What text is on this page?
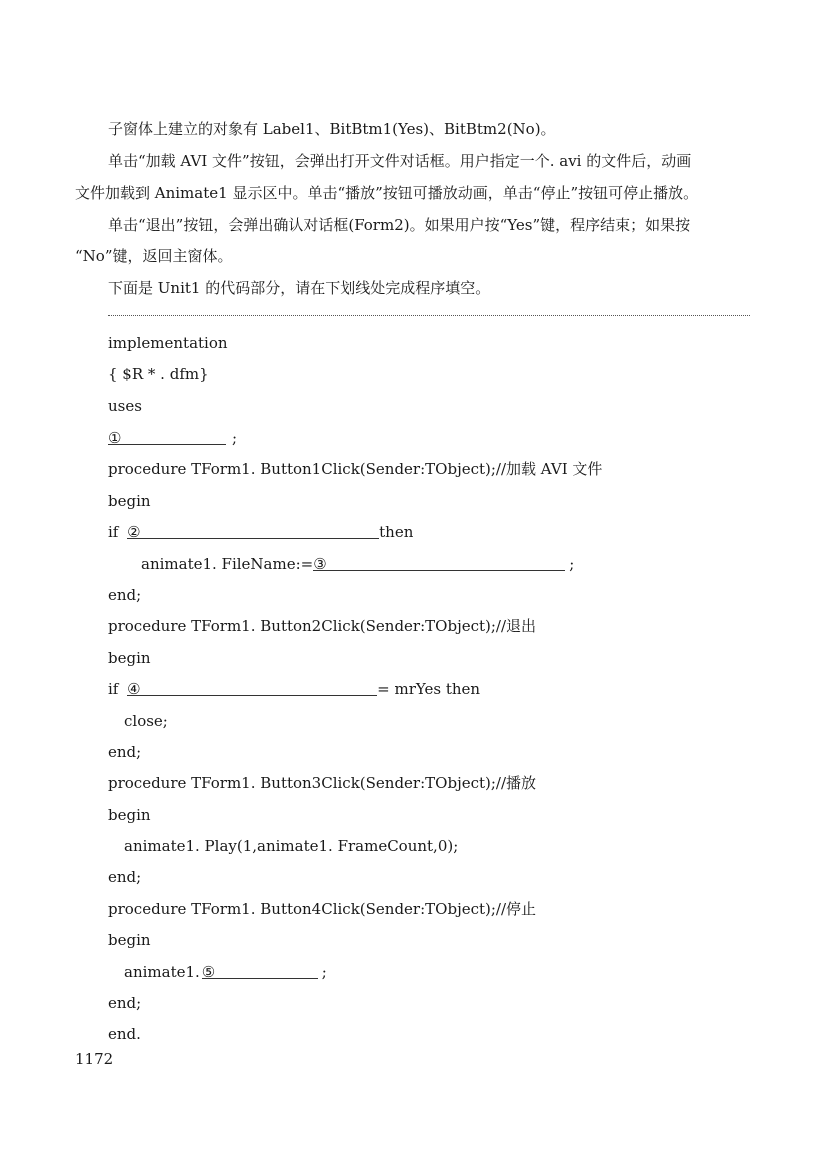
子窗体上建立的对象有 Label1、BitBtm1(Yes)、BitBtm2(No)。
单击“加载 AVI 文件”按钮，会弹出打开文件对话框。用户指定一个. avi 的文件后，动画
文件加载到 Animate1 显示区中。单击“播放”按钮可播放动画，单击“停止”按钮可停止播放。
单击“退出”按钮，会弹出确认对话框(Form2)。如果用户按“Yes”键，程序结束；如果按
“No”键，返回主窗体。
下面是 Unit1 的代码部分，请在下划线处完成程序填空。
implementation
{ $R * . dfm}
uses
①	;
procedure TForm1. Button1Click(Sender:TObject);//加载 AVI 文件
begin
if ②	then
animate1. FileName:=③	;
end;
procedure TForm1. Button2Click(Sender:TObject);//退出
begin
if ④	= mrYes then
close;
end;
procedure TForm1. Button3Click(Sender:TObject);//播放
begin
animate1. Play(1,animate1. FrameCount,0);
end;
procedure TForm1. Button4Click(Sender:TObject);//停止
begin
animate1. ⑤	;
end;
end.
1172
